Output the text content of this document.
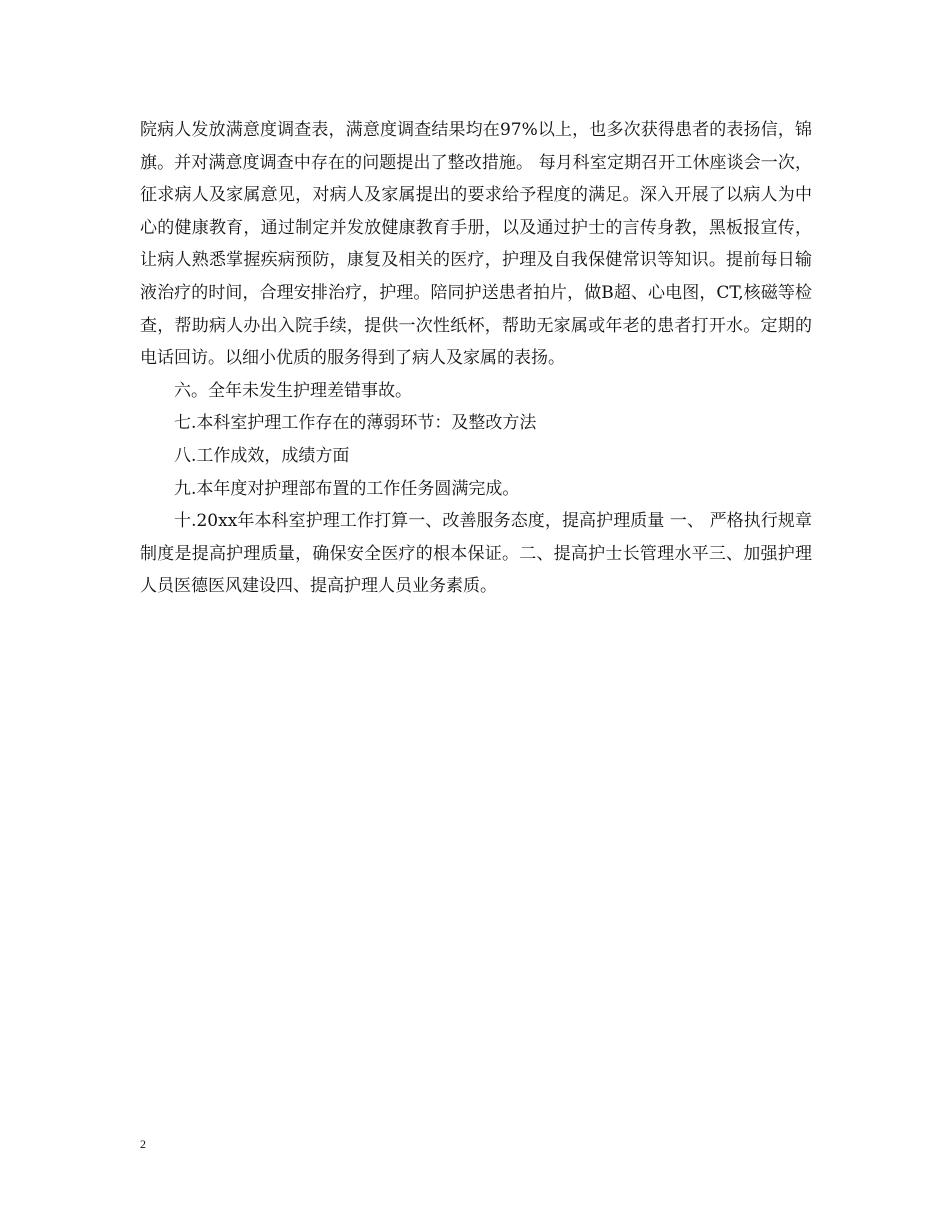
院病人发放满意度调查表，满意度调查结果均在97%以上，也多次获得患者的表扬信，锦旗。并对满意度调查中存在的问题提出了整改措施。 每月科室定期召开工休座谈会一次，征求病人及家属意见，对病人及家属提出的要求给予程度的满足。深入开展了以病人为中心的健康教育，通过制定并发放健康教育手册，以及通过护士的言传身教，黑板报宣传，让病人熟悉掌握疾病预防，康复及相关的医疗，护理及自我保健常识等知识。提前每日输液治疗的时间，合理安排治疗，护理。陪同护送患者拍片，做B超、心电图，CT,核磁等检查，帮助病人办出入院手续，提供一次性纸杯，帮助无家属或年老的患者打开水。定期的电话回访。以细小优质的服务得到了病人及家属的表扬。

六。全年未发生护理差错事故。

七.本科室护理工作存在的薄弱环节：及整改方法

八.工作成效，成绩方面

九.本年度对护理部布置的工作任务圆满完成。

十.20xx年本科室护理工作打算一、改善服务态度，提高护理质量 一、 严格执行规章制度是提高护理质量，确保安全医疗的根本保证。二、提高护士长管理水平三、加强护理人员医德医风建设四、提高护理人员业务素质。

2
